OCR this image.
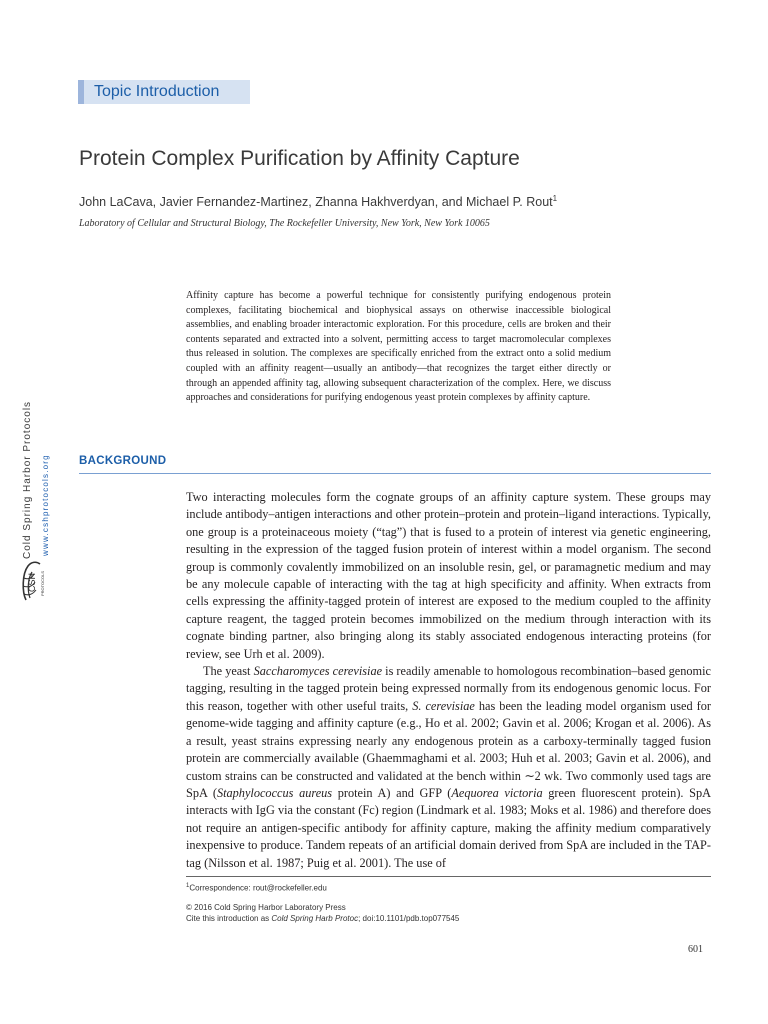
Topic Introduction
Protein Complex Purification by Affinity Capture
John LaCava, Javier Fernandez-Martinez, Zhanna Hakhverdyan, and Michael P. Rout$^1$
Laboratory of Cellular and Structural Biology, The Rockefeller University, New York, New York 10065
Affinity capture has become a powerful technique for consistently purifying endogenous protein complexes, facilitating biochemical and biophysical assays on otherwise inaccessible biological assemblies, and enabling broader interactomic exploration. For this procedure, cells are broken and their contents separated and extracted into a solvent, permitting access to target macromolecular complexes thus released in solution. The complexes are specifically enriched from the extract onto a solid medium coupled with an affinity reagent—usually an antibody—that recognizes the target either directly or through an appended affinity tag, allowing subsequent characterization of the complex. Here, we discuss approaches and considerations for purifying endogenous yeast protein complexes by affinity capture.
Cold Spring Harbor Protocols	www.cshprotocols.org
CSH PROTOCOLS
BACKGROUND

Two interacting molecules form the cognate groups of an affinity capture system. These groups may include antibody–antigen interactions and other protein–protein and protein–ligand interactions. Typically, one group is a proteinaceous moiety (“tag”) that is fused to a protein of interest via genetic engineering, resulting in the expression of the tagged fusion protein of interest within a model organism. The second group is commonly covalently immobilized on an insoluble resin, gel, or paramagnetic medium and may be any molecule capable of interacting with the tag at high specificity and affinity. When extracts from cells expressing the affinity-tagged protein of interest are exposed to the medium coupled to the affinity capture reagent, the tagged protein becomes immobilized on the medium through interaction with its cognate binding partner, also bringing along its stably associated endogenous interacting proteins (for review, see Urh et al. 2009).

The yeast Saccharomyces cerevisiae is readily amenable to homologous recombination–based genomic tagging, resulting in the tagged protein being expressed normally from its endogenous genomic locus. For this reason, together with other useful traits, S. cerevisiae has been the leading model organism used for genome-wide tagging and affinity capture (e.g., Ho et al. 2002; Gavin et al. 2006; Krogan et al. 2006). As a result, yeast strains expressing nearly any endogenous protein as a carboxy-terminally tagged fusion protein are commercially available (Ghaemmaghami et al. 2003; Huh et al. 2003; Gavin et al. 2006), and custom strains can be constructed and validated at the bench within ∼2 wk. Two commonly used tags are SpA (Staphylococcus aureus protein A) and GFP (Aequorea victoria green fluorescent protein). SpA interacts with IgG via the constant (Fc) region (Lindmark et al. 1983; Moks et al. 1986) and therefore does not require an antigen-specific antibody for affinity capture, making the affinity medium comparatively inexpensive to produce. Tandem repeats of an artificial domain derived from SpA are included in the TAP-tag (Nilsson et al. 1987; Puig et al. 2001). The use of

$^1$Correspondence: rout@rockefeller.edu
© 2016 Cold Spring Harbor Laboratory Press
Cite this introduction as Cold Spring Harb Protoc; doi:10.1101/pdb.top077545
601
